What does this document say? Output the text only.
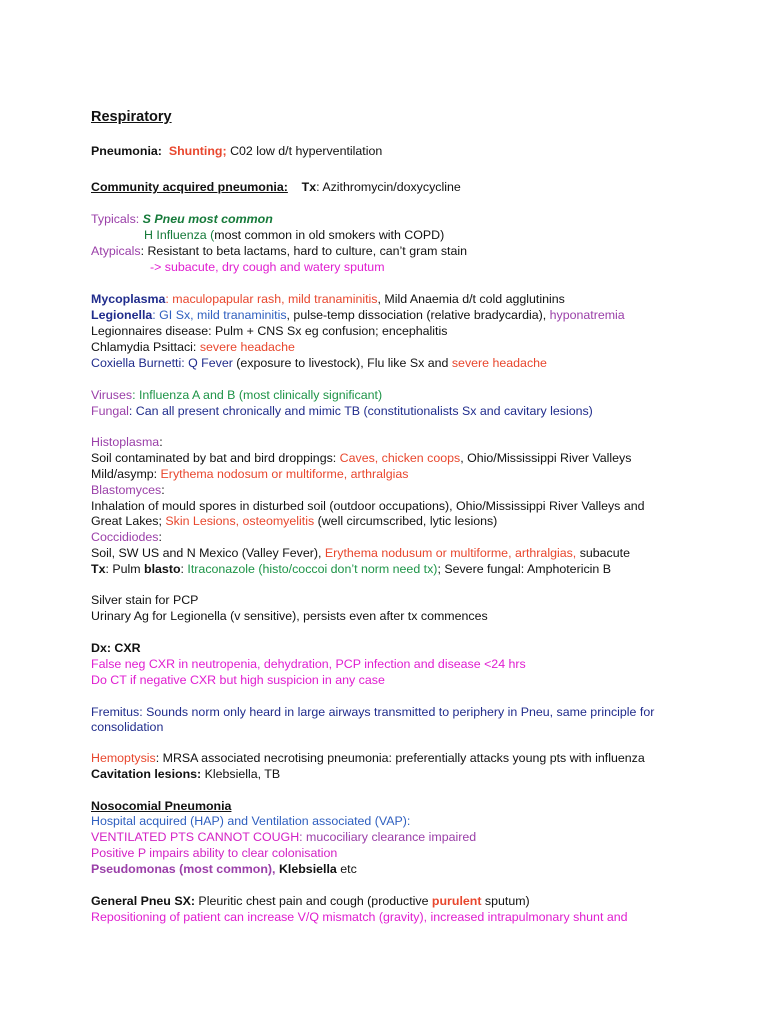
Respiratory
Pneumonia: Shunting; C02 low d/t hyperventilation
Community acquired pneumonia: Tx: Azithromycin/doxycycline
Typicals: S Pneu most common
H Influenza (most common in old smokers with COPD)
Atypicals: Resistant to beta lactams, hard to culture, can’t gram stain
-> subacute, dry cough and watery sputum
Mycoplasma: maculopapular rash, mild tranaminitis, Mild Anaemia d/t cold agglutinins
Legionella: GI Sx, mild tranaminitis, pulse-temp dissociation (relative bradycardia), hyponatremia
Legionnaires disease: Pulm + CNS Sx eg confusion; encephalitis
Chlamydia Psittaci: severe headache
Coxiella Burnetti: Q Fever (exposure to livestock), Flu like Sx and severe headache
Viruses: Influenza A and B (most clinically significant)
Fungal: Can all present chronically and mimic TB (constitutionalists Sx and cavitary lesions)
Histoplasma:
Soil contaminated by bat and bird droppings: Caves, chicken coops, Ohio/Mississippi River Valleys
Mild/asymp: Erythema nodosum or multiforme, arthralgias
Blastomyces:
Inhalation of mould spores in disturbed soil (outdoor occupations), Ohio/Mississippi River Valleys and
Great Lakes; Skin Lesions, osteomyelitis (well circumscribed, lytic lesions)
Coccidiodes:
Soil, SW US and N Mexico (Valley Fever), Erythema nodusum or multiforme, arthralgias, subacute
Tx: Pulm blasto: Itraconazole (histo/coccoi don’t norm need tx); Severe fungal: Amphotericin B
Silver stain for PCP
Urinary Ag for Legionella (v sensitive), persists even after tx commences
Dx: CXR
False neg CXR in neutropenia, dehydration, PCP infection and disease <24 hrs
Do CT if negative CXR but high suspicion in any case
Fremitus: Sounds norm only heard in large airways transmitted to periphery in Pneu, same principle for
consolidation
Hemoptysis: MRSA associated necrotising pneumonia: preferentially attacks young pts with influenza
Cavitation lesions: Klebsiella, TB
Nosocomial Pneumonia
Hospital acquired (HAP) and Ventilation associated (VAP):
VENTILATED PTS CANNOT COUGH: mucociliary clearance impaired
Positive P impairs ability to clear colonisation
Pseudomonas (most common), Klebsiella etc
General Pneu SX: Pleuritic chest pain and cough (productive purulent sputum)
Repositioning of patient can increase V/Q mismatch (gravity), increased intrapulmonary shunt and
